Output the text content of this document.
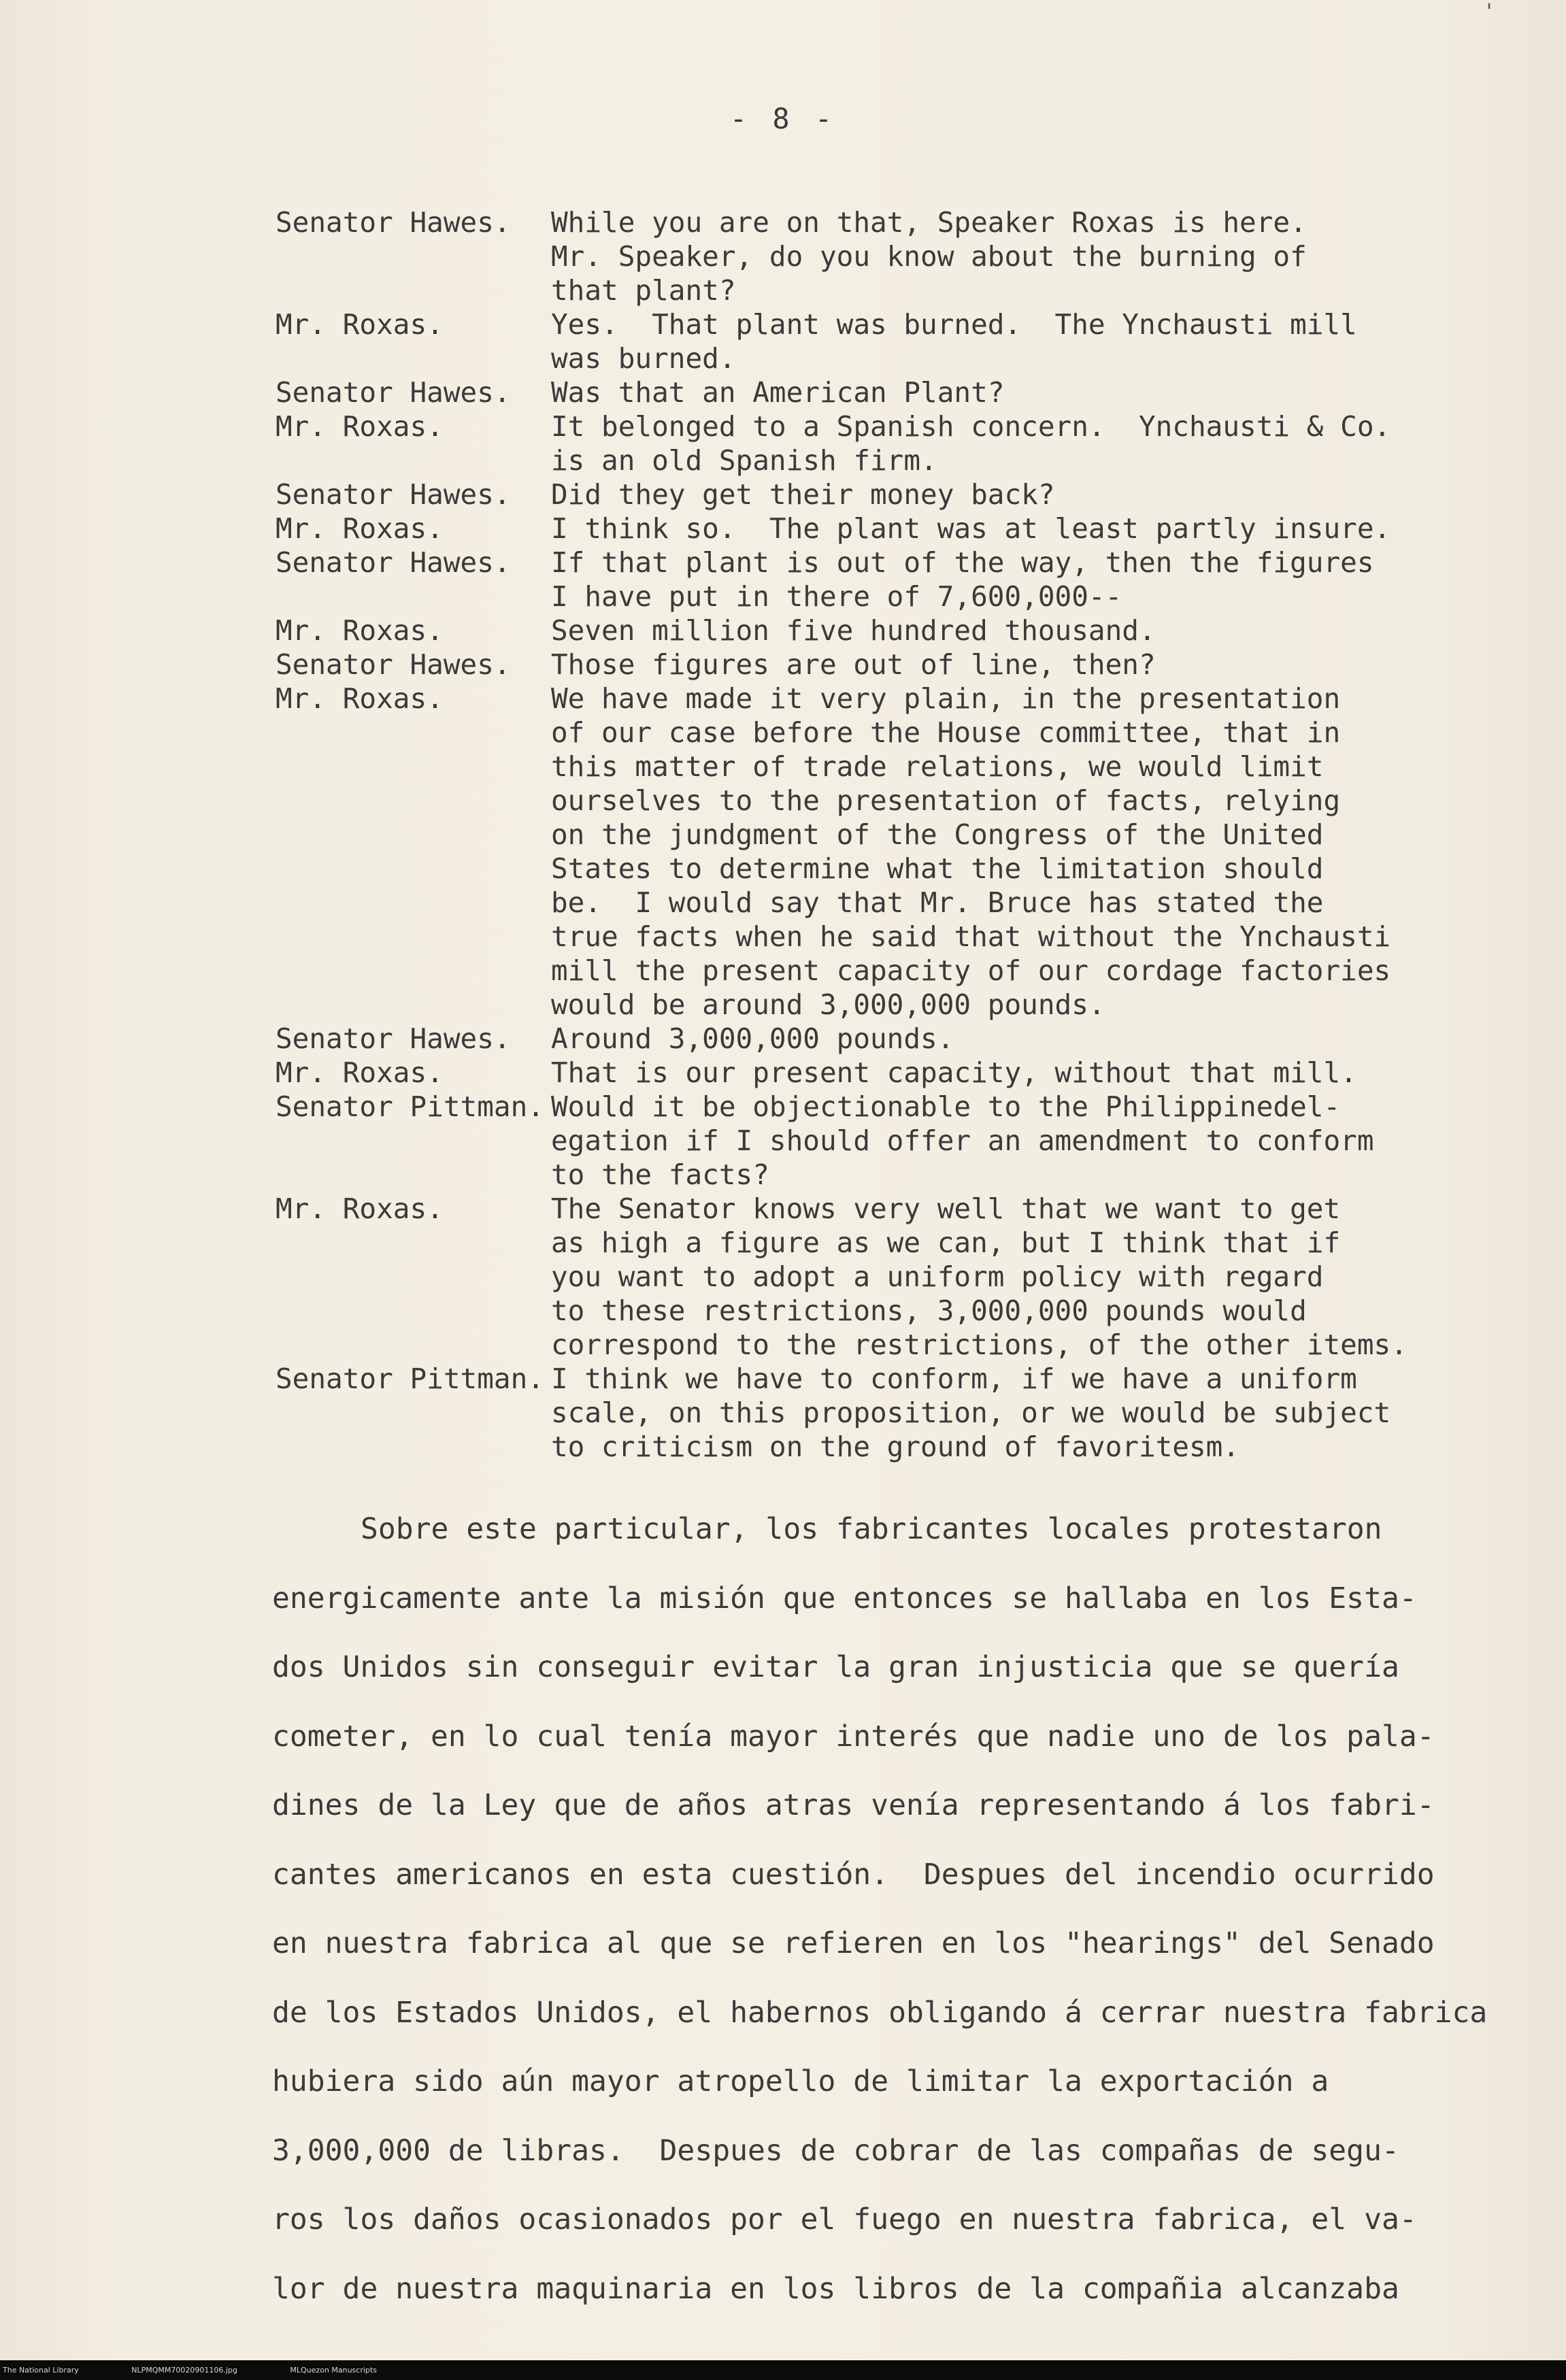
'
- 8 -
Senator Hawes. While you are on that, Speaker Roxas is here.
Mr. Speaker, do you know about the burning of
that plant?
Mr. Roxas.	Yes.  That plant was burned.  The Ynchausti mill
was burned.
Senator Hawes. Was that an American Plant?
Mr. Roxas.	It belonged to a Spanish concern.  Ynchausti & Co.
is an old Spanish firm.
Senator Hawes. Did they get their money back?
Mr. Roxas.	I think so.  The plant was at least partly insure.
Senator Hawes. If that plant is out of the way, then the figures
I have put in there of 7,600,000--
Mr. Roxas.	Seven million five hundred thousand.
Senator Hawes. Those figures are out of line, then?
Mr. Roxas.	We have made it very plain, in the presentation
of our case before the House committee, that in
this matter of trade relations, we would limit
ourselves to the presentation of facts, relying
on the jundgment of the Congress of the United
States to determine what the limitation should
be.  I would say that Mr. Bruce has stated the
true facts when he said that without the Ynchausti
mill the present capacity of our cordage factories
would be around 3,000,000 pounds.
Senator Hawes. Around 3,000,000 pounds.
Mr. Roxas.	That is our present capacity, without that mill.
Senator Pittman. Would it be objectionable to the Philippinedel-
egation if I should offer an amendment to conform
to the facts?
Mr. Roxas.	The Senator knows very well that we want to get
as high a figure as we can, but I think that if
you want to adopt a uniform policy with regard
to these restrictions, 3,000,000 pounds would
correspond to the restrictions, of the other items.
Senator Pittman. I think we have to conform, if we have a uniform
scale, on this proposition, or we would be subject
to criticism on the ground of favoritesm.
Sobre este particular, los fabricantes locales protestaron
energicamente ante la misión que entonces se hallaba en los Esta-
dos Unidos sin conseguir evitar la gran injusticia que se quería
cometer, en lo cual tenía mayor interés que nadie uno de los pala-
dines de la Ley que de años atras venía representando á los fabri-
cantes americanos en esta cuestión.  Despues del incendio ocurrido
en nuestra fabrica al que se refieren en los "hearings" del Senado
de los Estados Unidos, el habernos obligando á cerrar nuestra fabrica
hubiera sido aún mayor atropello de limitar la exportación a
3,000,000 de libras.  Despues de cobrar de las compañas de segu-
ros los daños ocasionados por el fuego en nuestra fabrica, el va-
lor de nuestra maquinaria en los libros de la compañia alcanzaba
The National Library	NLPMQMM70020901106.jpg	MLQuezon Manuscripts
